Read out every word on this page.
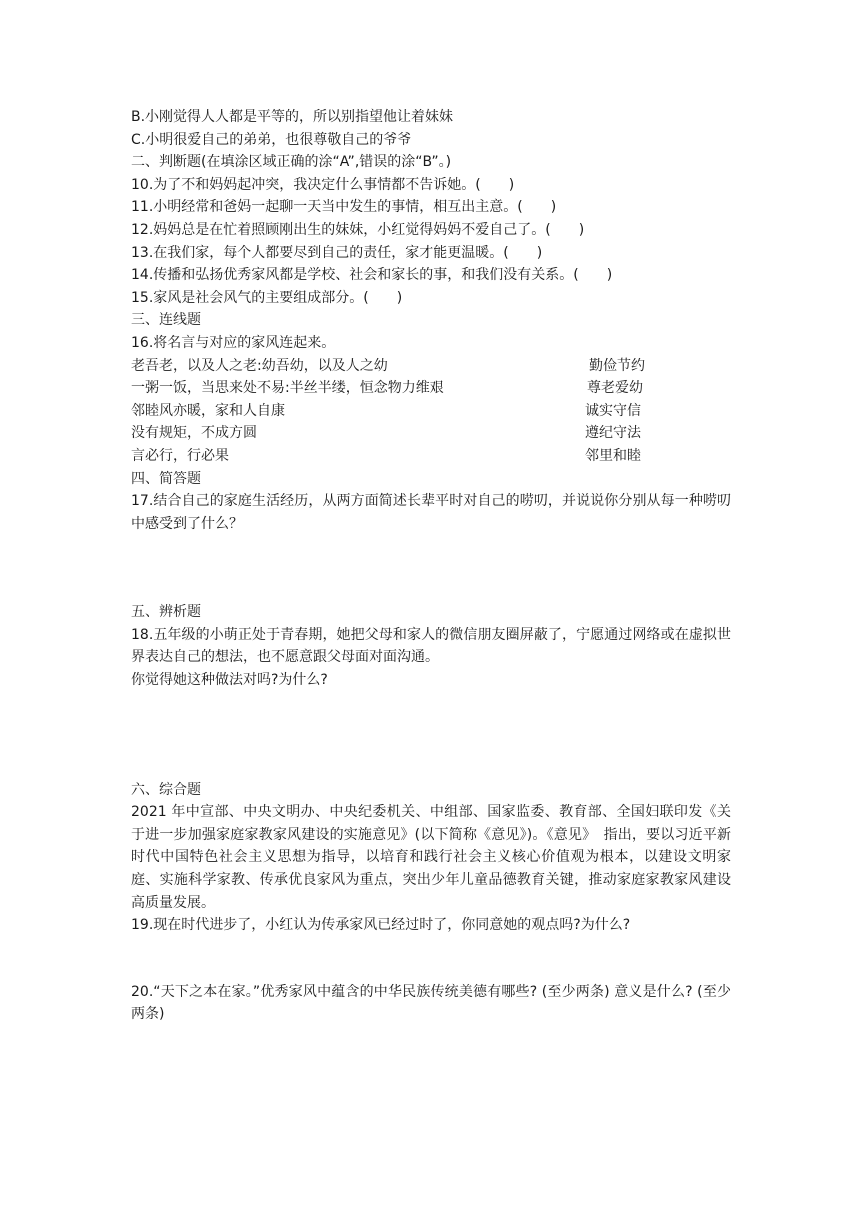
B.小刚觉得人人都是平等的，所以别指望他让着妹妹
C.小明很爱自己的弟弟，也很尊敬自己的爷爷
二、判断题(在填涂区域正确的涂“A”,错误的涂“B”。)
10.为了不和妈妈起冲突，我决定什么事情都不告诉她。(　　)
11.小明经常和爸妈一起聊一天当中发生的事情，相互出主意。(　　)
12.妈妈总是在忙着照顾刚出生的妹妹，小红觉得妈妈不爱自己了。(　　)
13.在我们家，每个人都要尽到自己的责任，家才能更温暖。(　　)
14.传播和弘扬优秀家风都是学校、社会和家长的事，和我们没有关系。(　　)
15.家风是社会风气的主要组成部分。(　　)
三、连线题
16.将名言与对应的家风连起来。
老吾老，以及人之老:幼吾幼，以及人之幼	勤俭节约
一粥一饭，当思来处不易:半丝半缕，恒念物力维艰	尊老爱幼
邻睦风亦暖，家和人自康	诚实守信
没有规矩，不成方圆	遵纪守法
言必行，行必果	邻里和睦
四、简答题
17.结合自己的家庭生活经历，从两方面简述长辈平时对自己的唠叨，并说说你分别从每一种唠叨中感受到了什么？
五、辨析题
18.五年级的小萌正处于青春期，她把父母和家人的微信朋友圈屏蔽了，宁愿通过网络或在虚拟世界表达自己的想法，也不愿意跟父母面对面沟通。
你觉得她这种做法对吗?为什么?
六、综合题
2021 年中宣部、中央文明办、中央纪委机关、中组部、国家监委、教育部、全国妇联印发《关于进一步加强家庭家教家风建设的实施意见》(以下简称《意见》)。《意见》　指出，要以习近平新时代中国特色社会主义思想为指导，以培育和践行社会主义核心价值观为根本，以建设文明家庭、实施科学家教、传承优良家风为重点，突出少年儿童品德教育关键，推动家庭家教家风建设高质量发展。
19.现在时代进步了，小红认为传承家风已经过时了，你同意她的观点吗?为什么?
20.“天下之本在家。”优秀家风中蕴含的中华民族传统美德有哪些? (至少两条) 意义是什么? (至少两条)
